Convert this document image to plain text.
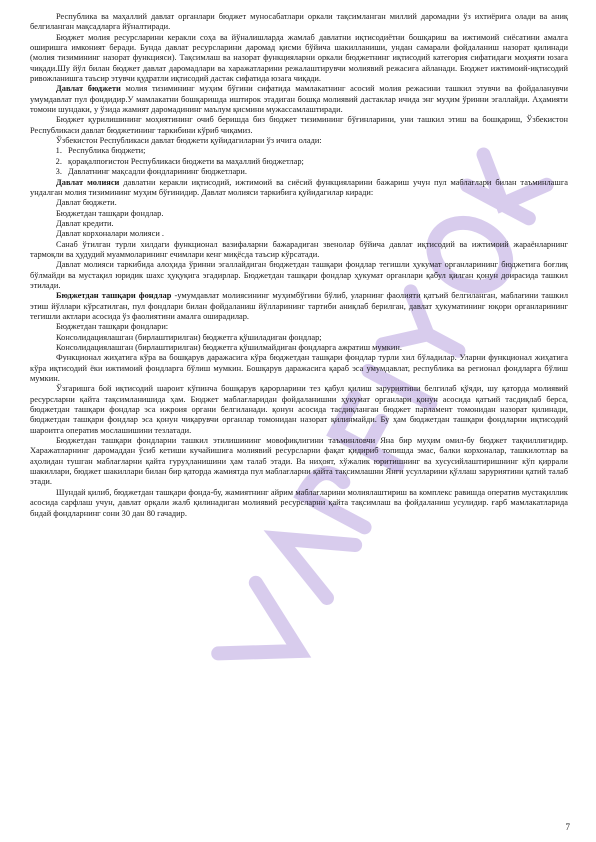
Республика ва маҳаллий давлат органлари бюджет муносабатлари оркали тақсимланган миллий даромадни ўз ихтиёрига олади ва аниқ белгиланган мақсадларга йўналтиради.

Бюджет молия ресурсларини керакли соҳа ва йўналишларда жамлаб давлатни иқтисодиётни бошқариш ва ижтимоий сиёсатини амалга оширишга имконият беради. Бунда давлат ресурсларини даромад қисми бўйича шакилланиши, ундан самарали фойдаланиш назорат қилинади (молия тизимининг назорат функцияси). Тақсимлаш ва назорат функцияларни оркали бюджетнинг иқтисодий категория сифатидаги моҳияти юзага чиқади.Шу йўл билан бюджет давлат даромадлари ва харажатларини режалаштирувчи молиявий режасига айланади. Бюджет ижтимоий-иқтисодий ривожланишга таъсир этувчи қудратли иқтисодий дастак сифатида юзага чиқади.

Давлат бюджети молия тизимининг муҳим бўгини сифатида мамлакатнинг асосий молия режасини ташкил этувчи ва фойдаланувчи умумдавлат пул фондидир.У мамлакатни бошқаришда иштирок этадиган бошқа молиявий дастаклар ичида энг муҳим ўринни эгаллайди. Аҳамияти томони шундаки, у ўзида жамият даромадининг маълум қисмини мужассамлаштиради.

Бюджет қурилишининг моҳиятининг очиб беришда биз бюджет тизимининг бўғинларини, уни ташкил этиш ва бошқариш, Ўзбекистон Республикаси давлат бюджетининг таркибини кўриб чиқамиз.

Ўзбекистон Республикаси давлат бюджети қуйидагиларни ўз ичига олади:

1. Республика бюджети;
2. қорақалпоғистон Республикаси бюджети ва маҳаллий бюджетлар;
3. Давлатнинг мақсадли фондларининг бюджетлари.

Давлат молияси давлатни керакли иқтисодий, ижтимоий ва сиёсий функцияларини бажариш учун пул маблағлари билан таъминлашга ундалган молия тизимининг муҳим бўғинидир. Давлат молияси таркибига қуйидагилар киради:

Давлат бюджети.

Бюджетдан ташқари фондлар.

Давлат кредити.

Давлат корхоналари молияси .

Санаб ўтилган турли хилдаги функционал вазифаларни бажарадиган звенолар бўйича давлат иқтисодий ва ижтимоий жараёнларнинг тармоқли ва ҳудудий муаммоларининг ечимлари кенг миқёсда таъсир кўрсатади.

Давлат молияси таркибида алоҳида ўринни эгаллайдиган бюджетдан ташқари фондлар тегишли ҳукумат органларининг бюджетига боғлиқ бўлмайди ва мустақил юридик шахс ҳуқуқига эгадирлар. Бюджетдан ташқари фондлар ҳукумат органлари қабул қилган қонун доирасида ташкил этилади.

Бюджетдан ташқари фондлар -умумдавлат молиясининг муҳимбўгини бўлиб, уларнинг фаолияти қатъий белгиланган, маблағини ташкил этиш йўллари кўрсатилган, пул фондлари билан фойдаланиш йўлларининг тартиби аниқлаб берилган, давлат ҳукуматининг юқори органларининг тегишли актлари асосида ўз фаолиятини амалга оширадилар.

Бюджетдан ташқари фондлари:

Консолидациялашган (бирлаштирилган) бюджетга қўшиладиган фондлар;

Консолидациялашган (бирлаштирилган) бюджетга қўшилмайдиган фондларга ажратиш мумкин.

Функционал жиҳатига кўра ва бошқарув даражасига кўра бюджетдан ташқари фондлар турли хил бўладилар. Уларни функционал жиҳатига кўра иқтисодий ёки ижтимоий фондларга бўлиш мумкин. Бошқарув даражасига қараб эса умумдавлат, республика ва регионал фондларга бўлиш мумкин.

Ўзгаришга бой иқтисодий шароит кўпинча бошқарув қарорларини тез қабул қилиш заруриятини белгилаб қўяди, шу қаторда молиявий ресурсларни қайта тақсимланишида ҳам. Бюджет маблағларидан фойдаланишни ҳукумат органлари қонун асосида қатъий тасдиқлаб берса, бюджетдан ташқари фондлар эса ижроия органи белгиланади. қонун асосида тасдиқланган бюджет парламент томонидан назорат қилинади, бюджетдан ташқари фондлар эса қонун чиқарувчи органлар томонидан назорат қилинмайди. Бу ҳам бюджетдан ташқари фондларни иқтисодий шароитга оператив мослашишини тезлатади.

Бюджетдан ташқари фондларни ташкил этилишининг мовофиқлигини таъминловчи Яна бир муҳим омил-бу бюджет тақчиллигидир. Харажатларнинг даромаддан ўсиб кетиши кучайишига молиявий ресурсларни фақат қидириб топишда эмас, балки корхоналар, ташкилотлар ва аҳолидан тушган маблағларни қайта гуруҳланишини ҳам талаб этади. Ва ниҳоят, хўжалик юритишнинг ва хусусийлаштиришнинг кўп қиррали шакиллари, бюджет шакиллари билан бир қаторда жамиятда пул маблағларни қайта тақсимлашни Янги усулларини қўллаш заруриятини қатий талаб этади.

Шундай қилиб, бюджетдан ташқари фонда-бу, жамиятнинг айрим маблағларини молиялаштириш ва комплекс равишда оператив мустақиллик асосида сарфлаш учун, давлат орқали жалб қилинадиган молиявий ресурсларни қайта тақсимлаш ва фойдаланиш усулидир. ғарб мамлакатларида бндай фондларнинг сони 30 дан 80 гачадир.

7
